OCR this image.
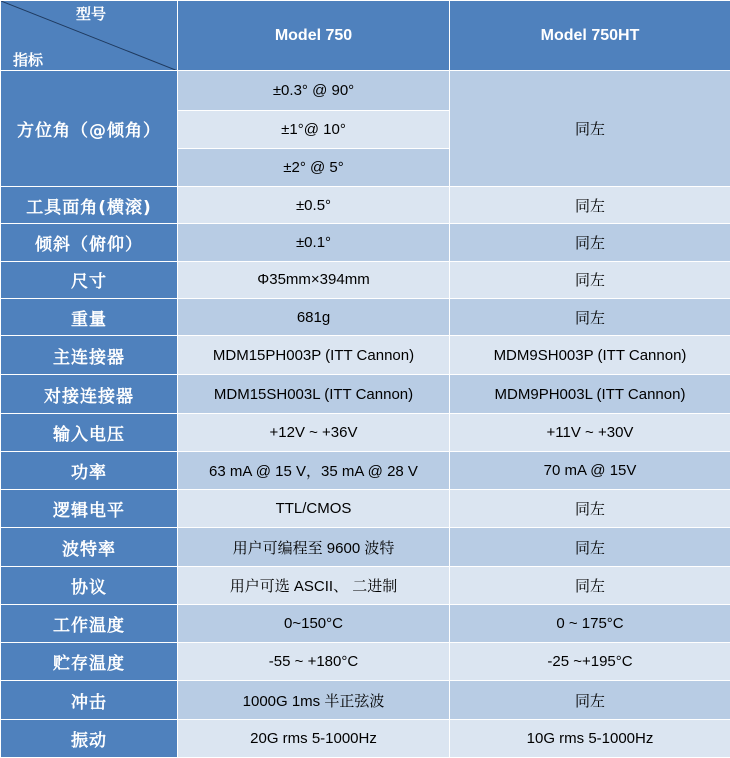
型号
指标	Model 750	Model 750HT
方位角（@倾角）	±0.3° @ 90°	同左
	±1°@ 10°	
	±2° @ 5°	
工具面角(横滚)	±0.5°	同左
倾斜（俯仰）	±0.1°	同左
尺寸	Φ35mm×394mm	同左
重量	681g	同左
主连接器	MDM15PH003P (ITT Cannon)	MDM9SH003P (ITT Cannon)
对接连接器	MDM15SH003L (ITT Cannon)	MDM9PH003L (ITT Cannon)
输入电压	+12V ~ +36V	+11V ~ +30V
功率	63 mA @ 15 V，35 mA @ 28 V	70 mA @ 15V
逻辑电平	TTL/CMOS	同左
波特率	用户可编程至 9600 波特	同左
协议	用户可选 ASCII、 二进制	同左
工作温度	0~150°C	0 ~ 175°C
贮存温度	-55 ~ +180°C	-25 ~+195°C
冲击	1000G 1ms 半正弦波	同左
振动	20G rms 5-1000Hz	10G rms 5-1000Hz
